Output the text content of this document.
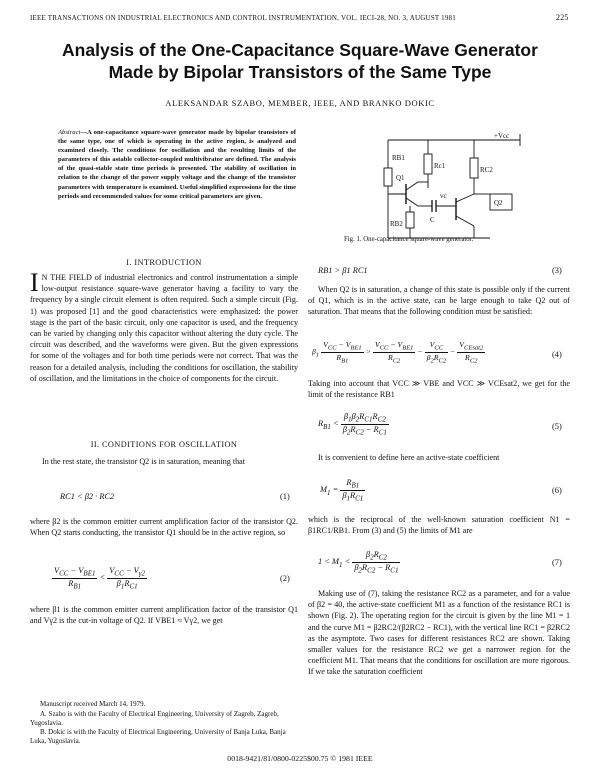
IEEE TRANSACTIONS ON INDUSTRIAL ELECTRONICS AND CONTROL INSTRUMENTATION, VOL. IECI-28, NO. 3, AUGUST 1981	225
Analysis of the One-Capacitance Square-Wave Generator
Made by Bipolar Transistors of the Same Type
ALEKSANDAR SZABO, MEMBER, IEEE, AND BRANKO DOKIC
Abstract—A one-capacitance square-wave generator made by bipolar transistors of the same type, one of which is operating in the active region, is analyzed and examined closely. The conditions for oscillation and the resulting limits of the parameters of this astable collector-coupled multivibrator are defined. The analysis of the quasi-stable state time periods is presented. The stability of oscillation in relation to the change of the power supply voltage and the change of the transistor parameters with temperature is examined. Useful simplified expressions for the time periods and recommended values for some critical parameters are given.
+Vcc
Q1
Q2
C
Rc1
RB1
RB2
RC2
vc
Fig. 1. One-capacitance square-wave generator.
I. INTRODUCTION
I N THE FIELD of industrial electronics and control instrumentation a simple low-output resistance square-wave generator having a facility to vary the frequency by a single circuit element is often required. Such a simple circuit (Fig. 1) was proposed [1] and the good characteristics were emphasized: the power stage is the part of the basic circuit, only one capacitor is used, and the frequency can be varied by changing only this capacitor without altering the duty cycle. The circuit was described, and the waveforms were given. But the given expressions for some of the voltages and for both time periods were not correct. That was the reason for a detailed analysis, including the conditions for oscillation, the stability of oscillation, and the limitations in the choice of components for the circuit.
II. CONDITIONS FOR OSCILLATION
In the rest state, the transistor Q2 is in saturation, meaning that
RC1 < β2 · RC2	(1)
where β2 is the common emitter current amplification factor of the transistor Q2. When Q2 starts conducting, the transistor Q1 should be in the active region, so
$\frac{V_{CC} - V_{BE1}}{R_{B1}} < \frac{V_{CC} - V_{\gamma 2}}{\beta_1R_{C1}}$	(2)
where β1 is the common emitter current amplification factor of the transistor Q1 and Vγ2 is the cut-in voltage of Q2. If VBE1 ≈ Vγ2, we get
Manuscript received March 14, 1979.
A. Szabo is with the Faculty of Electrical Engineering, University of Zagreb, Zagreb, Yugoslavia.
B. Dokic is with the Faculty of Electrical Engineering, University of Banja Luka, Banja Luka, Yugoslavia.
RB1 > β1 RC1	(3)
When Q2 is in saturation, a change of this state is possible only if the current of Q1, which is in the active state, can be large enough to take Q2 out of saturation. That means that the following condition must be satisfied:
$\beta_1 \frac{V_{CC} - V_{BE1}}{R_{B1}} > \frac{V_{CC} - V_{BE1}}{R_{C2}} - \frac{V_{CC}}{\beta_2R_{C2}} - \frac{V_{CEsat2}}{R_{C2}}$	(4)
Taking into account that VCC ≫ VBE and VCC ≫ VCEsat2, we get for the limit of the resistance RB1
$R_{B1} < \frac{\beta_1\beta_2R_{C1}R_{C2}}{\beta_2R_{C2} - R_{C1}}$	(5)
It is convenient to define here an active-state coefficient
$M_1 = \frac{R_{B1}}{\beta_1R_{C1}}$	(6)
which is the reciprocal of the well-known saturation coefficient N1 = β1RC1/RB1. From (3) and (5) the limits of M1 are
$1 < M_1 < \frac{\beta_2R_{C2}}{\beta_2R_{C2} - R_{C1}}$	(7)
Making use of (7), taking the resistance RC2 as a parameter, and for a value of β2 = 40, the active-state coefficient M1 as a function of the resistance RC1 is shown (Fig. 2). The operating region for the circuit is given by the line M1 = 1 and the curve M1 = β2RC2/(β2RC2 − RC1), with the vertical line RC1 = β2RC2 as the asymptote. Two cases for different resistances RC2 are shown. Taking smaller values for the resistance RC2 we get a narrower region for the coefficient M1. That means that the conditions for oscillation are more rigorous. If we take the saturation coefficient
0018-9421/81/0800-0225$00.75 © 1981 IEEE
